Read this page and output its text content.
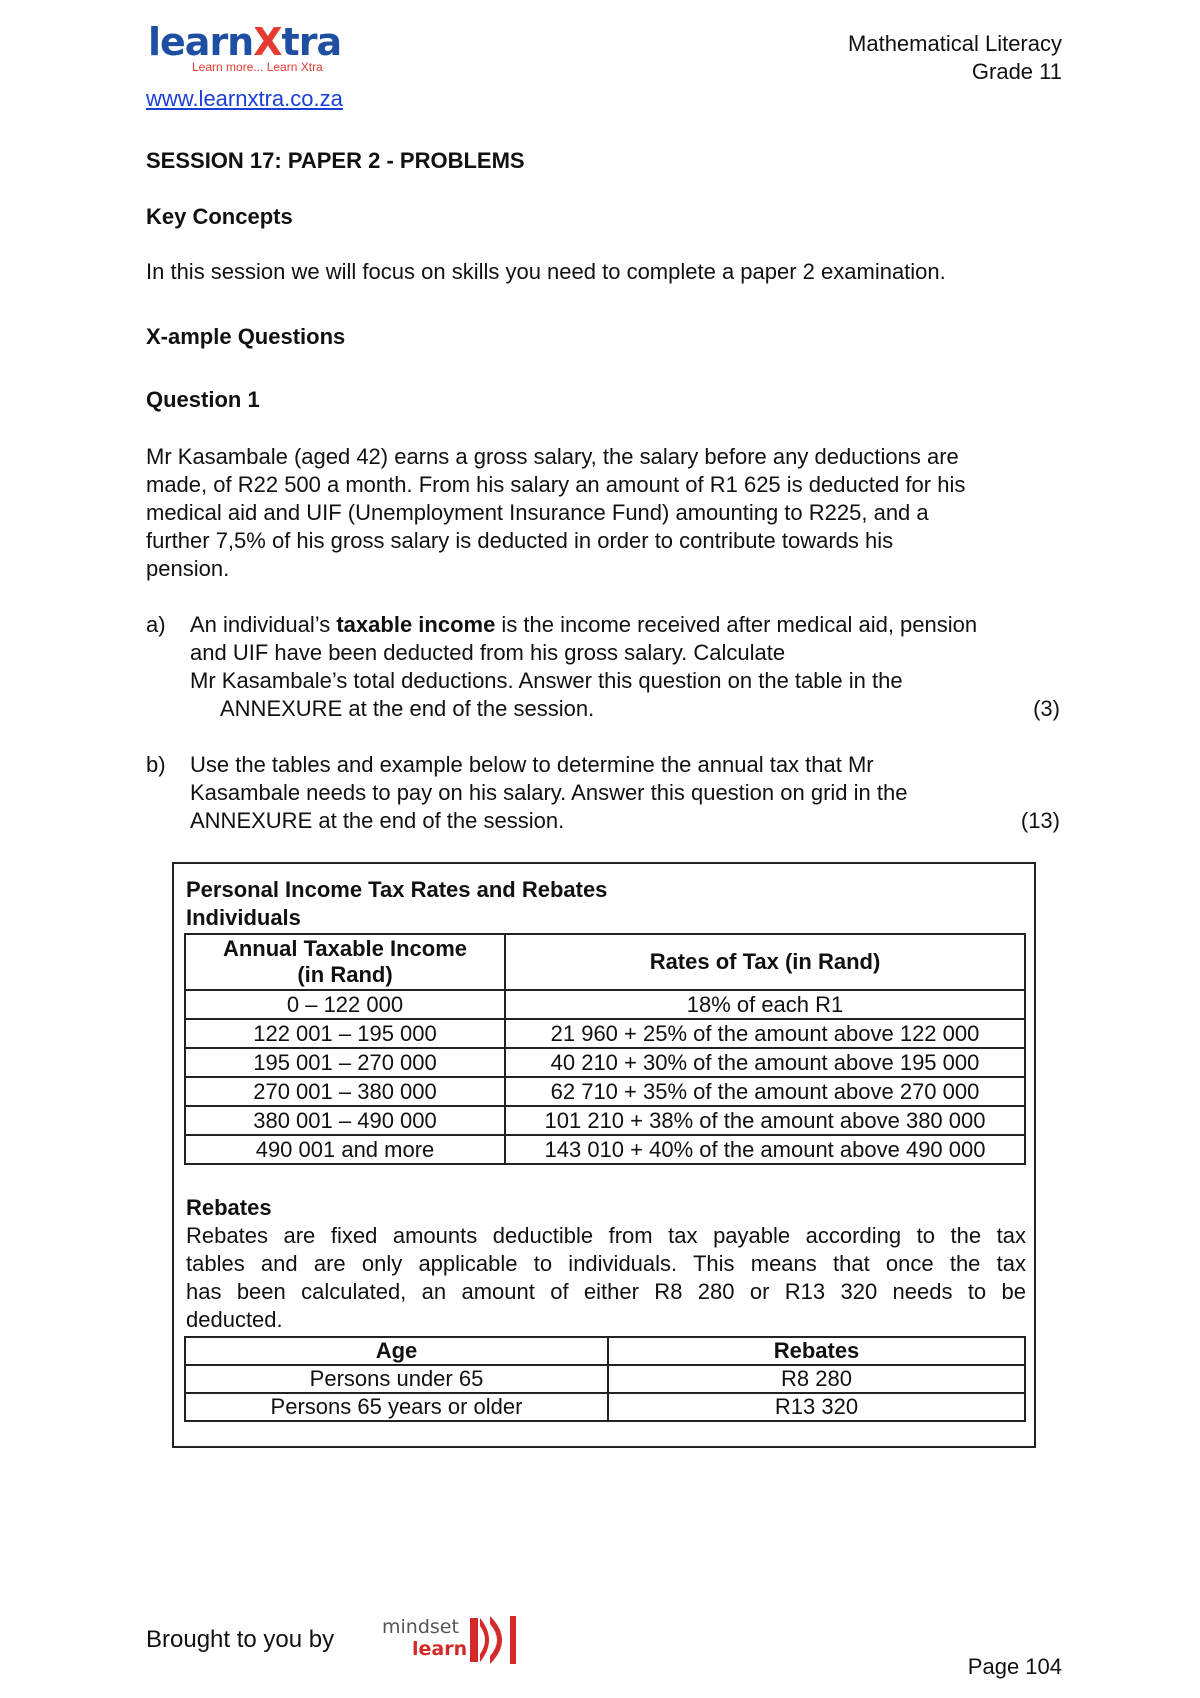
learnXtra
Learn more... Learn Xtra
Mathematical Literacy
Grade 11
www.learnxtra.co.za
SESSION 17: PAPER 2 - PROBLEMS
Key Concepts
In this session we will focus on skills you need to complete a paper 2 examination.
X-ample Questions
Question 1
Mr Kasambale (aged 42) earns a gross salary, the salary before any deductions are
made, of R22 500 a month. From his salary an amount of R1 625 is deducted for his
medical aid and UIF (Unemployment Insurance Fund) amounting to R225, and a
further 7,5% of his gross salary is deducted in order to contribute towards his
pension.
a) An individual’s taxable income is the income received after medical aid, pension
and UIF have been deducted from his gross salary. Calculate
Mr Kasambale’s total deductions. Answer this question on the table in the
ANNEXURE at the end of the session.	(3)
b) Use the tables and example below to determine the annual tax that Mr
Kasambale needs to pay on his salary. Answer this question on grid in the
ANNEXURE at the end of the session.	(13)
Personal Income Tax Rates and Rebates
Individuals
Annual Taxable Income
(in Rand)	Rates of Tax (in Rand)
0 – 122 000	18% of each R1
122 001 – 195 000	21 960 + 25% of the amount above 122 000
195 001 – 270 000	40 210 + 30% of the amount above 195 000
270 001 – 380 000	62 710 + 35% of the amount above 270 000
380 001 – 490 000	101 210 + 38% of the amount above 380 000
490 001 and more	143 010 + 40% of the amount above 490 000
Rebates
Rebates are fixed amounts deductible from tax payable according to the tax
tables and are only applicable to individuals. This means that once the tax
has been calculated, an amount of either R8 280 or R13 320 needs to be
deducted.
Age	Rebates
Persons under 65	R8 280
Persons 65 years or older	R13 320
Brought to you by	mindset
learn
Page 104
